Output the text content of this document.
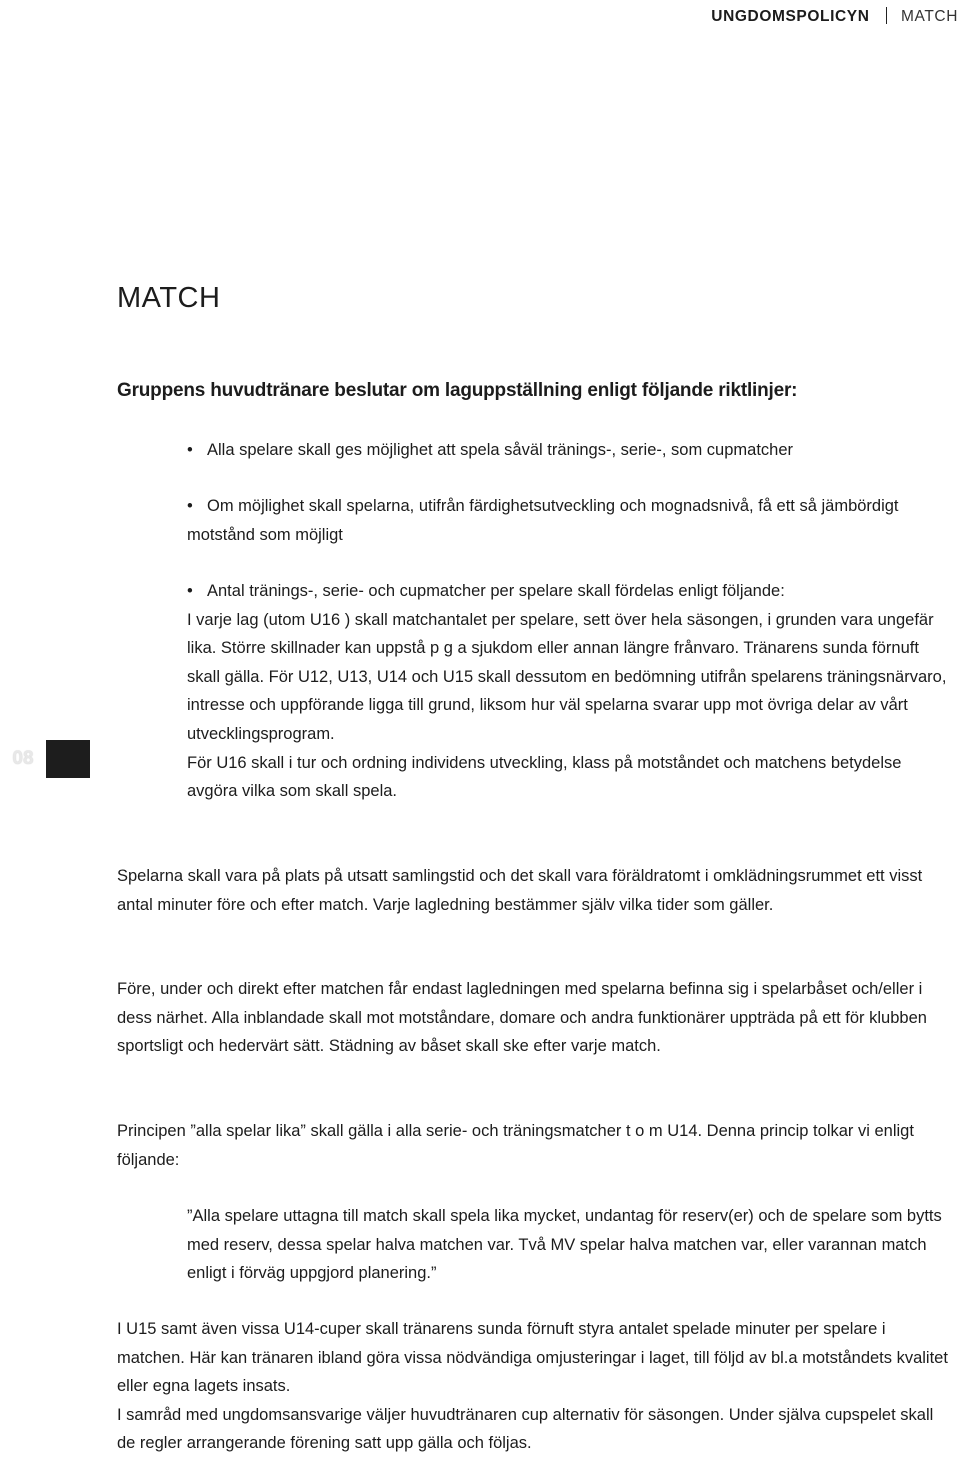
UNGDOMSPOLICYN MATCH
MATCH

Gruppens huvudtränare beslutar om laguppställning enligt följande riktlinjer:

• Alla spelare skall ges möjlighet att spela såväl tränings-, serie-, som cupmatcher

• Om möjlighet skall spelarna, utifrån färdighetsutveckling och mognadsnivå, få ett så jämbördigt motstånd som möjligt

• Antal tränings-, serie- och cupmatcher per spelare skall fördelas enligt följande:
I varje lag (utom U16 ) skall matchantalet per spelare, sett över hela säsongen, i grunden vara ungefär lika. Större skillnader kan uppstå p g a sjukdom eller annan längre frånvaro. Tränarens sunda förnuft skall gälla. För U12, U13, U14 och U15 skall dessutom en bedömning utifrån spelarens träningsnärvaro, intresse och uppförande ligga till grund, liksom hur väl spelarna svarar upp mot övriga delar av vårt utvecklingsprogram.
För U16 skall i tur och ordning individens utveckling, klass på motståndet och matchens betydelse avgöra vilka som skall spela.
08

Spelarna skall vara på plats på utsatt samlingstid och det skall vara föräldratomt i omklädningsrummet ett visst antal minuter före och efter match. Varje lagledning bestämmer själv vilka tider som gäller.

Före, under och direkt efter matchen får endast lagledningen med spelarna befinna sig i spelarbåset och/eller i dess närhet. Alla inblandade skall mot motståndare, domare och andra funktionärer uppträda på ett för klubben sportsligt och hedervärt sätt. Städning av båset skall ske efter varje match.

Principen ”alla spelar lika” skall gälla i alla serie- och träningsmatcher t o m U14. Denna princip tolkar vi enligt följande:

”Alla spelare uttagna till match skall spela lika mycket, undantag för reserv(er) och de spelare som bytts med reserv, dessa spelar halva matchen var. Två MV spelar halva matchen var, eller varannan match enligt i förväg uppgjord planering.”

I U15 samt även vissa U14-cuper skall tränarens sunda förnuft styra antalet spelade minuter per spelare i matchen. Här kan tränaren ibland göra vissa nödvändiga omjusteringar i laget, till följd av bl.a motståndets kvalitet eller egna lagets insats.
I samråd med ungdomsansvarige väljer huvudtränaren cup alternativ för säsongen. Under själva cupspelet skall de regler arrangerande förening satt upp gälla och följas.
